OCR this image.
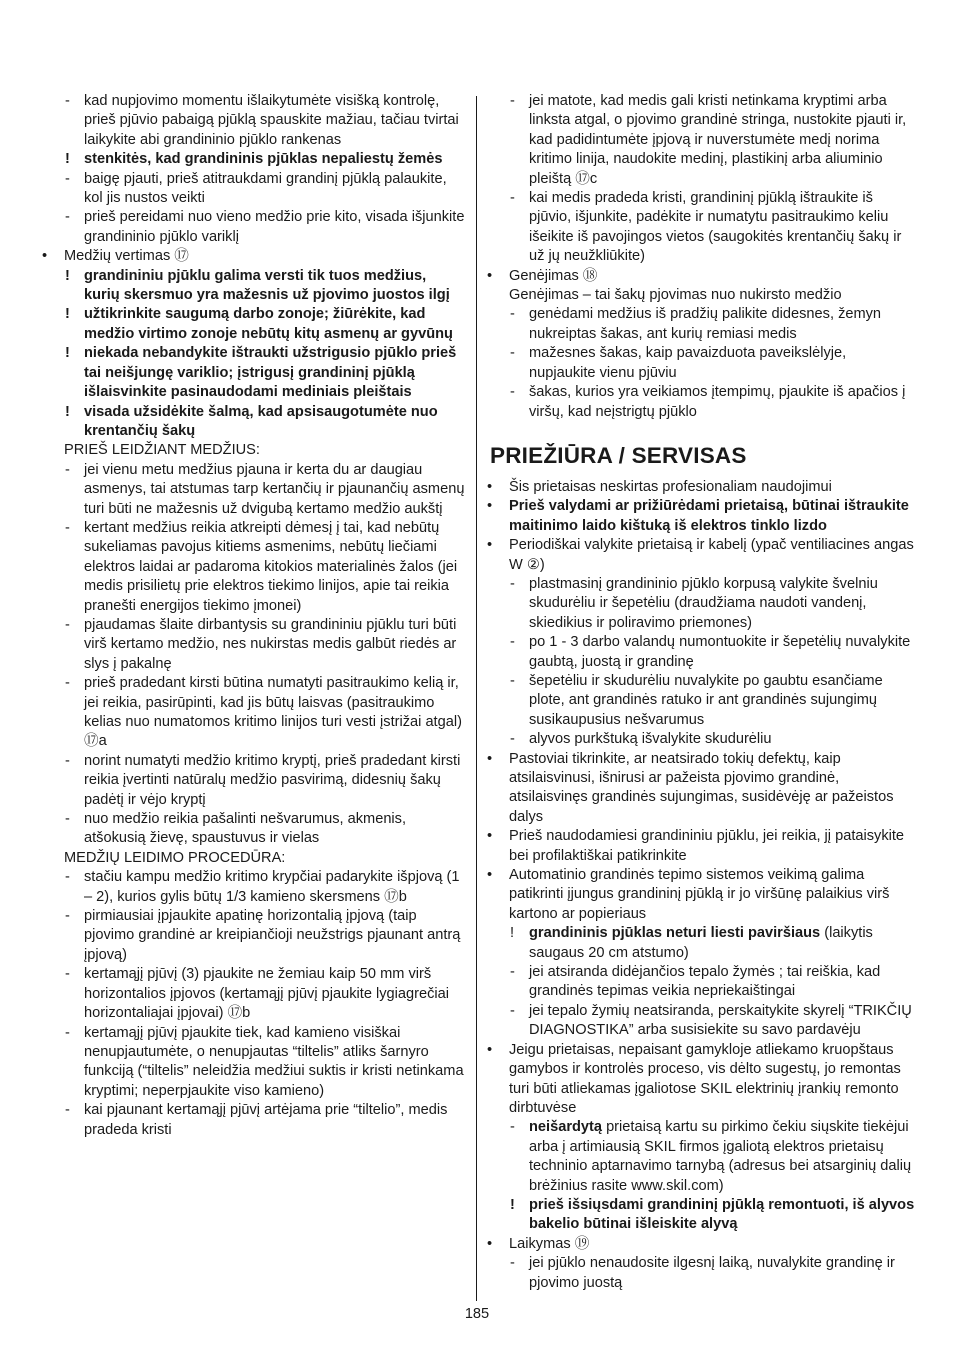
- kad nupjovimo momentu išlaikytumėte visišką kontrolę, prieš pjūvio pabaigą pjūklą spauskite mažiau, tačiau tvirtai laikykite abi grandininio pjūklo rankenas
! stenkitės, kad grandininis pjūklas nepaliestų žemės
- baigę pjauti, prieš atitraukdami grandinį pjūklą palaukite, kol jis nustos veikti
- prieš pereidami nuo vieno medžio prie kito, visada išjunkite grandininio pjūklo variklį
• Medžių vertimas ⑰
! grandininiu pjūklu galima versti tik tuos medžius, kurių skersmuo yra mažesnis už pjovimo juostos ilgį
! užtikrinkite saugumą darbo zonoje; žiūrėkite, kad medžio virtimo zonoje nebūtų kitų asmenų ar gyvūnų
! niekada nebandykite ištraukti užstrigusio pjūklo prieš tai neišjungę variklio; įstrigusį grandininį pjūklą išlaisvinkite pasinaudodami mediniais pleištais
! visada užsidėkite šalmą, kad apsisaugotumėte nuo krentančių šakų
PRIEŠ LEIDŽIANT MEDŽIUS:
- jei vienu metu medžius pjauna ir kerta du ar daugiau asmenys, tai atstumas tarp kertančių ir pjaunančių asmenų turi būti ne mažesnis už dvigubą kertamo medžio aukštį
- kertant medžius reikia atkreipti dėmesį į tai, kad nebūtų sukeliamas pavojus kitiems asmenims, nebūtų liečiami elektros laidai ar padaroma kitokios materialinės žalos (jei medis prisilietų prie elektros tiekimo linijos, apie tai reikia pranešti energijos tiekimo įmonei)
- pjaudamas šlaite dirbantysis su grandininiu pjūklu turi būti virš kertamo medžio, nes nukirstas medis galbūt riedės ar slys į pakalnę
- prieš pradedant kirsti būtina numatyti pasitraukimo kelią ir, jei reikia, pasirūpinti, kad jis būtų laisvas (pasitraukimo kelias nuo numatomos kritimo linijos turi vesti įstrižai atgal) ⑰a
- norint numatyti medžio kritimo kryptį, prieš pradedant kirsti reikia įvertinti natūralų medžio pasvirimą, didesnių šakų padėtį ir vėjo kryptį
- nuo medžio reikia pašalinti nešvarumus, akmenis, atšokusią žievę, spaustuvus ir vielas
MEDŽIŲ LEIDIMO PROCEDŪRA:
- stačiu kampu medžio kritimo krypčiai padarykite išpjovą (1 – 2), kurios gylis būtų 1/3 kamieno skersmens ⑰b
- pirmiausiai įpjaukite apatinę horizontalią įpjovą (taip pjovimo grandinė ar kreipiančioji neužstrigs pjaunant antrą įpjovą)
- kertamąjį pjūvį (3) pjaukite ne žemiau kaip 50 mm virš horizontalios įpjovos (kertamąjį pjūvį pjaukite lygiagrečiai horizontaliajai įpjovai) ⑰b
- kertamąjį pjūvį pjaukite tiek, kad kamieno visiškai nenupjautumėte, o nenupjautas “tiltelis” atliks šarnyro funkciją (“tiltelis” neleidžia medžiui suktis ir kristi netinkama kryptimi; neperpjaukite viso kamieno)
- kai pjaunant kertamąjį pjūvį artėjama prie “tiltelio”, medis pradeda kristi
- jei matote, kad medis gali kristi netinkama kryptimi arba linksta atgal, o pjovimo grandinė stringa, nustokite pjauti ir, kad padidintumėte įpjovą ir nuverstumėte medį norima kritimo linija, naudokite medinį, plastikinį arba aliuminio pleištą ⑰c
- kai medis pradeda kristi, grandininį pjūklą ištraukite iš pjūvio, išjunkite, padėkite ir numatytu pasitraukimo keliu išeikite iš pavojingos vietos (saugokitės krentančių šakų ir už jų neužkliūkite)
• Genėjimas ⑱
Genėjimas – tai šakų pjovimas nuo nukirsto medžio
- genėdami medžius iš pradžių palikite didesnes, žemyn nukreiptas šakas, ant kurių remiasi medis
- mažesnes šakas, kaip pavaizduota paveikslėlyje, nupjaukite vienu pjūviu
- šakas, kurios yra veikiamos įtempimų, pjaukite iš apačios į viršų, kad neįstrigtų pjūklo
PRIEŽIŪRA / SERVISAS
• Šis prietaisas neskirtas profesionaliam naudojimui
• Prieš valydami ar prižiūrėdami prietaisą, būtinai ištraukite maitinimo laido kištuką iš elektros tinklo lizdo
• Periodiškai valykite prietaisą ir kabelį (ypač ventiliacines angas W ②)
- plastmasinį grandininio pjūklo korpusą valykite švelniu skudurėliu ir šepetėliu (draudžiama naudoti vandenį, skiedikius ir poliravimo priemones)
- po 1 - 3 darbo valandų numontuokite ir šepetėlių nuvalykite gaubtą, juostą ir grandinę
- šepetėliu ir skudurėliu nuvalykite po gaubtu esančiame plote, ant grandinės ratuko ir ant grandinės sujungimų susikaupusius nešvarumus
- alyvos purkštuką išvalykite skudurėliu
• Pastoviai tikrinkite, ar neatsirado tokių defektų, kaip atsilaisvinusi, išnirusi ar pažeista pjovimo grandinė, atsilaisvinęs grandinės sujungimas, susidėvėję ar pažeistos dalys
• Prieš naudodamiesi grandininiu pjūklu, jei reikia, jį pataisykite bei profilaktiškai patikrinkite
• Automatinio grandinės tepimo sistemos veikimą galima patikrinti įjungus grandininį pjūklą ir jo viršūnę palaikius virš kartono ar popieriaus
! grandininis pjūklas neturi liesti paviršiaus (laikytis saugaus 20 cm atstumo)
- jei atsiranda didėjančios tepalo žymės ; tai reiškia, kad grandinės tepimas veikia nepriekaištingai
- jei tepalo žymių neatsiranda, perskaitykite skyrelį “TRIKČIŲ DIAGNOSTIKA” arba susisiekite su savo pardavėju
• Jeigu prietaisas, nepaisant gamykloje atliekamo kruopštaus gamybos ir kontrolės proceso, vis dėlto sugestų, jo remontas turi būti atliekamas įgaliotose SKIL elektrinių įrankių remonto dirbtuvėse
- neišardytą prietaisą kartu su pirkimo čekiu siųskite tiekėjui arba į artimiausią SKIL firmos įgaliotą elektros prietaisų techninio aptarnavimo tarnybą (adresus bei atsarginių dalių brėžinius rasite www.skil.com)
! prieš išsiųsdami grandininį pjūklą remontuoti, iš alyvos bakelio būtinai išleiskite alyvą
• Laikymas ⑲
- jei pjūklo nenaudosite ilgesnį laiką, nuvalykite grandinę ir pjovimo juostą
185
